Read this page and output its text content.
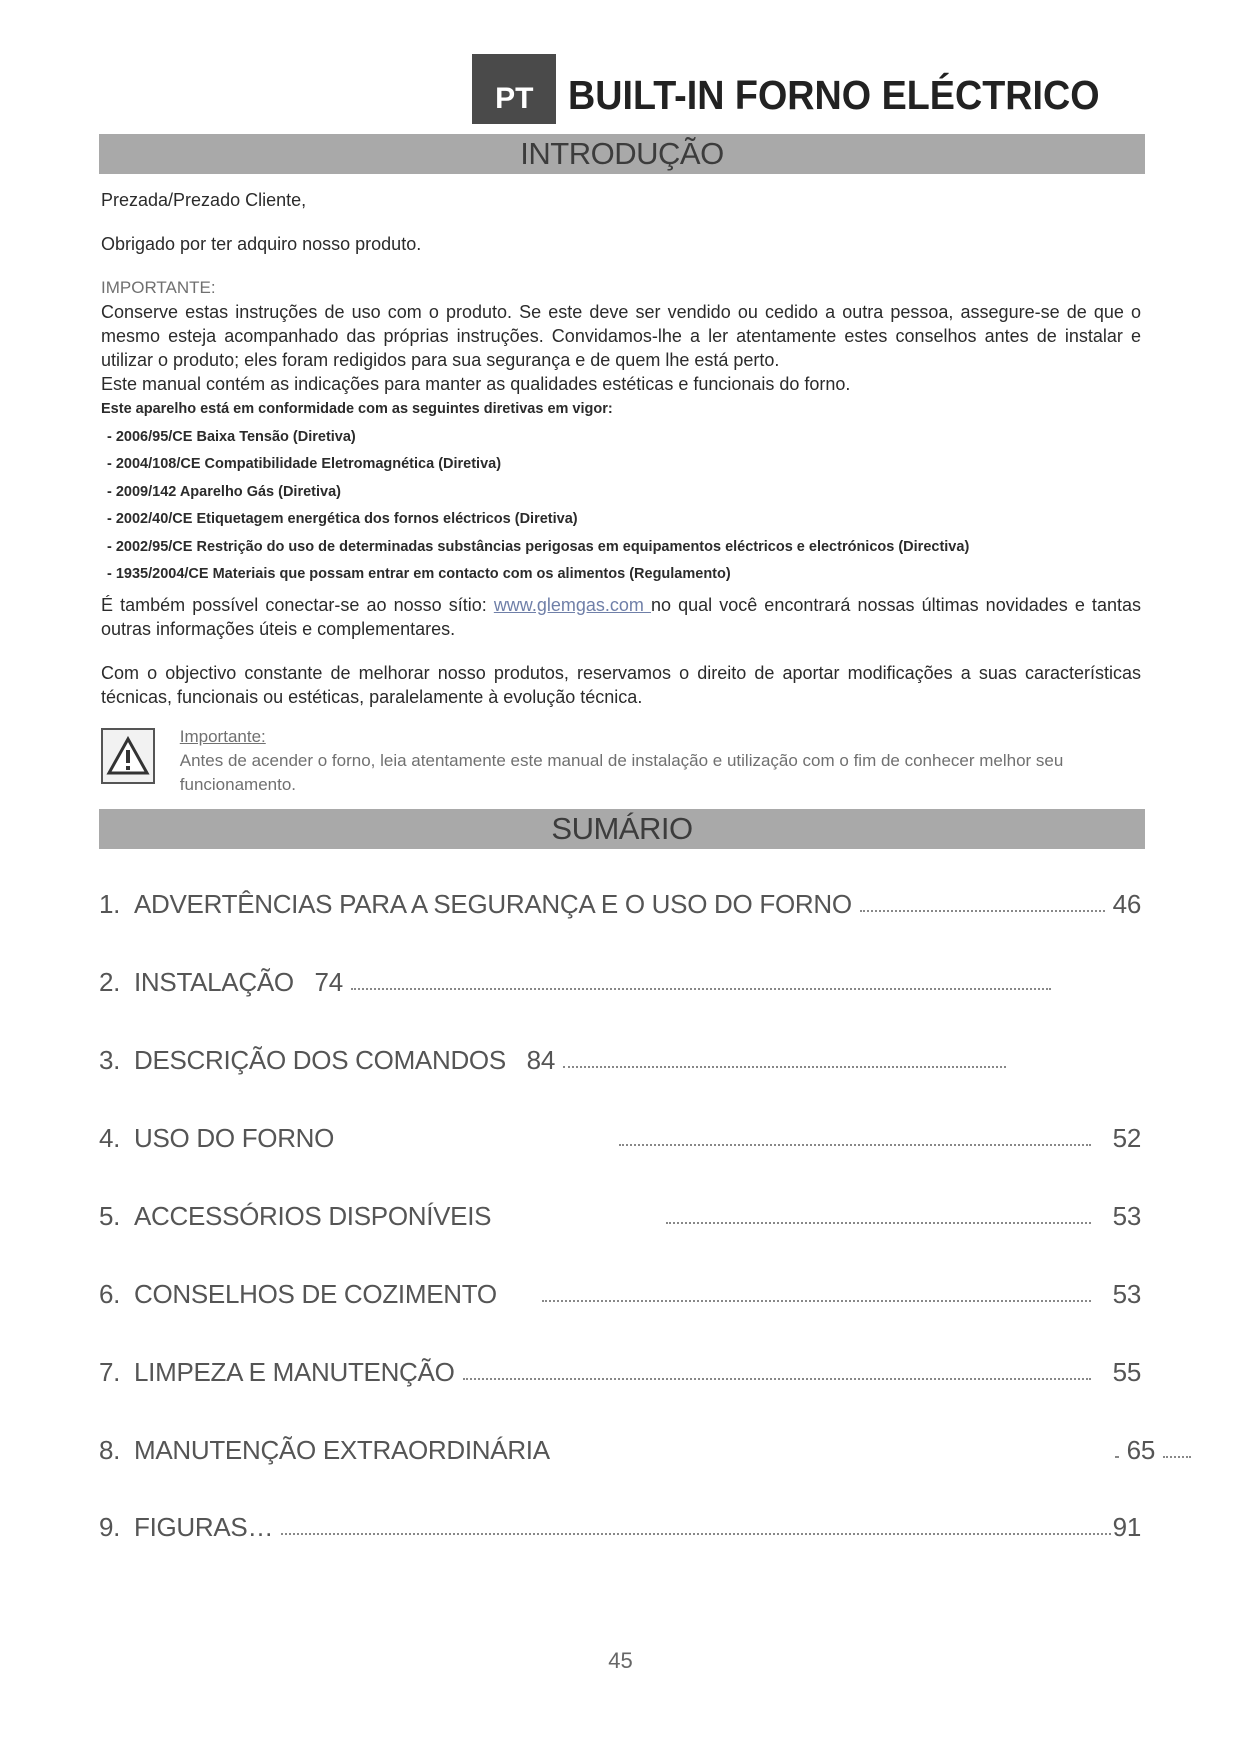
PT BUILT-IN FORNO ELÉCTRICO
INTRODUÇÃO

Prezada/Prezado Cliente,

Obrigado por ter adquiro nosso produto.

IMPORTANTE:

Conserve estas instruções de uso com o produto. Se este deve ser vendido ou cedido a outra pessoa, assegure-se de que o mesmo esteja acompanhado das próprias instruções. Convidamos-lhe a ler atentamente estes conselhos antes de instalar e utilizar o produto; eles foram redigidos para sua segurança e de quem lhe está perto.

Este manual contém as indicações para manter as qualidades estéticas e funcionais do forno.

Este aparelho está em conformidade com as seguintes diretivas em vigor:

- 2006/95/CE Baixa Tensão (Diretiva)

- 2004/108/CE Compatibilidade Eletromagnética (Diretiva)

- 2009/142 Aparelho Gás (Diretiva)

- 2002/40/CE Etiquetagem energética dos fornos eléctricos (Diretiva)

- 2002/95/CE Restrição do uso de determinadas substâncias perigosas em equipamentos eléctricos e electrónicos (Directiva)

- 1935/2004/CE Materiais que possam entrar em contacto com os alimentos (Regulamento)

É também possível conectar-se ao nosso sítio: www.glemgas.com no qual você encontrará nossas últimas novidades e tantas outras informações úteis e complementares.

Com o objectivo constante de melhorar nosso produtos, reservamos o direito de aportar modificações a suas características técnicas, funcionais ou estéticas, paralelamente à evolução técnica.

Importante:
Antes de acender o forno, leia atentamente este manual de instalação e utilização com o fim de conhecer melhor seu funcionamento.
SUMÁRIO
1. ADVERTÊNCIAS PARA A SEGURANÇA E O USO DO FORNO	46
2. INSTALAÇÃO   74
3. DESCRIÇÃO DOS COMANDOS   84
4. USO DO FORNO	52
5. ACCESSÓRIOS DISPONÍVEIS	53
6. CONSELHOS DE COZIMENTO	53
7. LIMPEZA E MANUTENÇÃO	55
8. MANUTENÇÃO EXTRAORDINÁRIA	65
9. FIGURAS…	91
45
